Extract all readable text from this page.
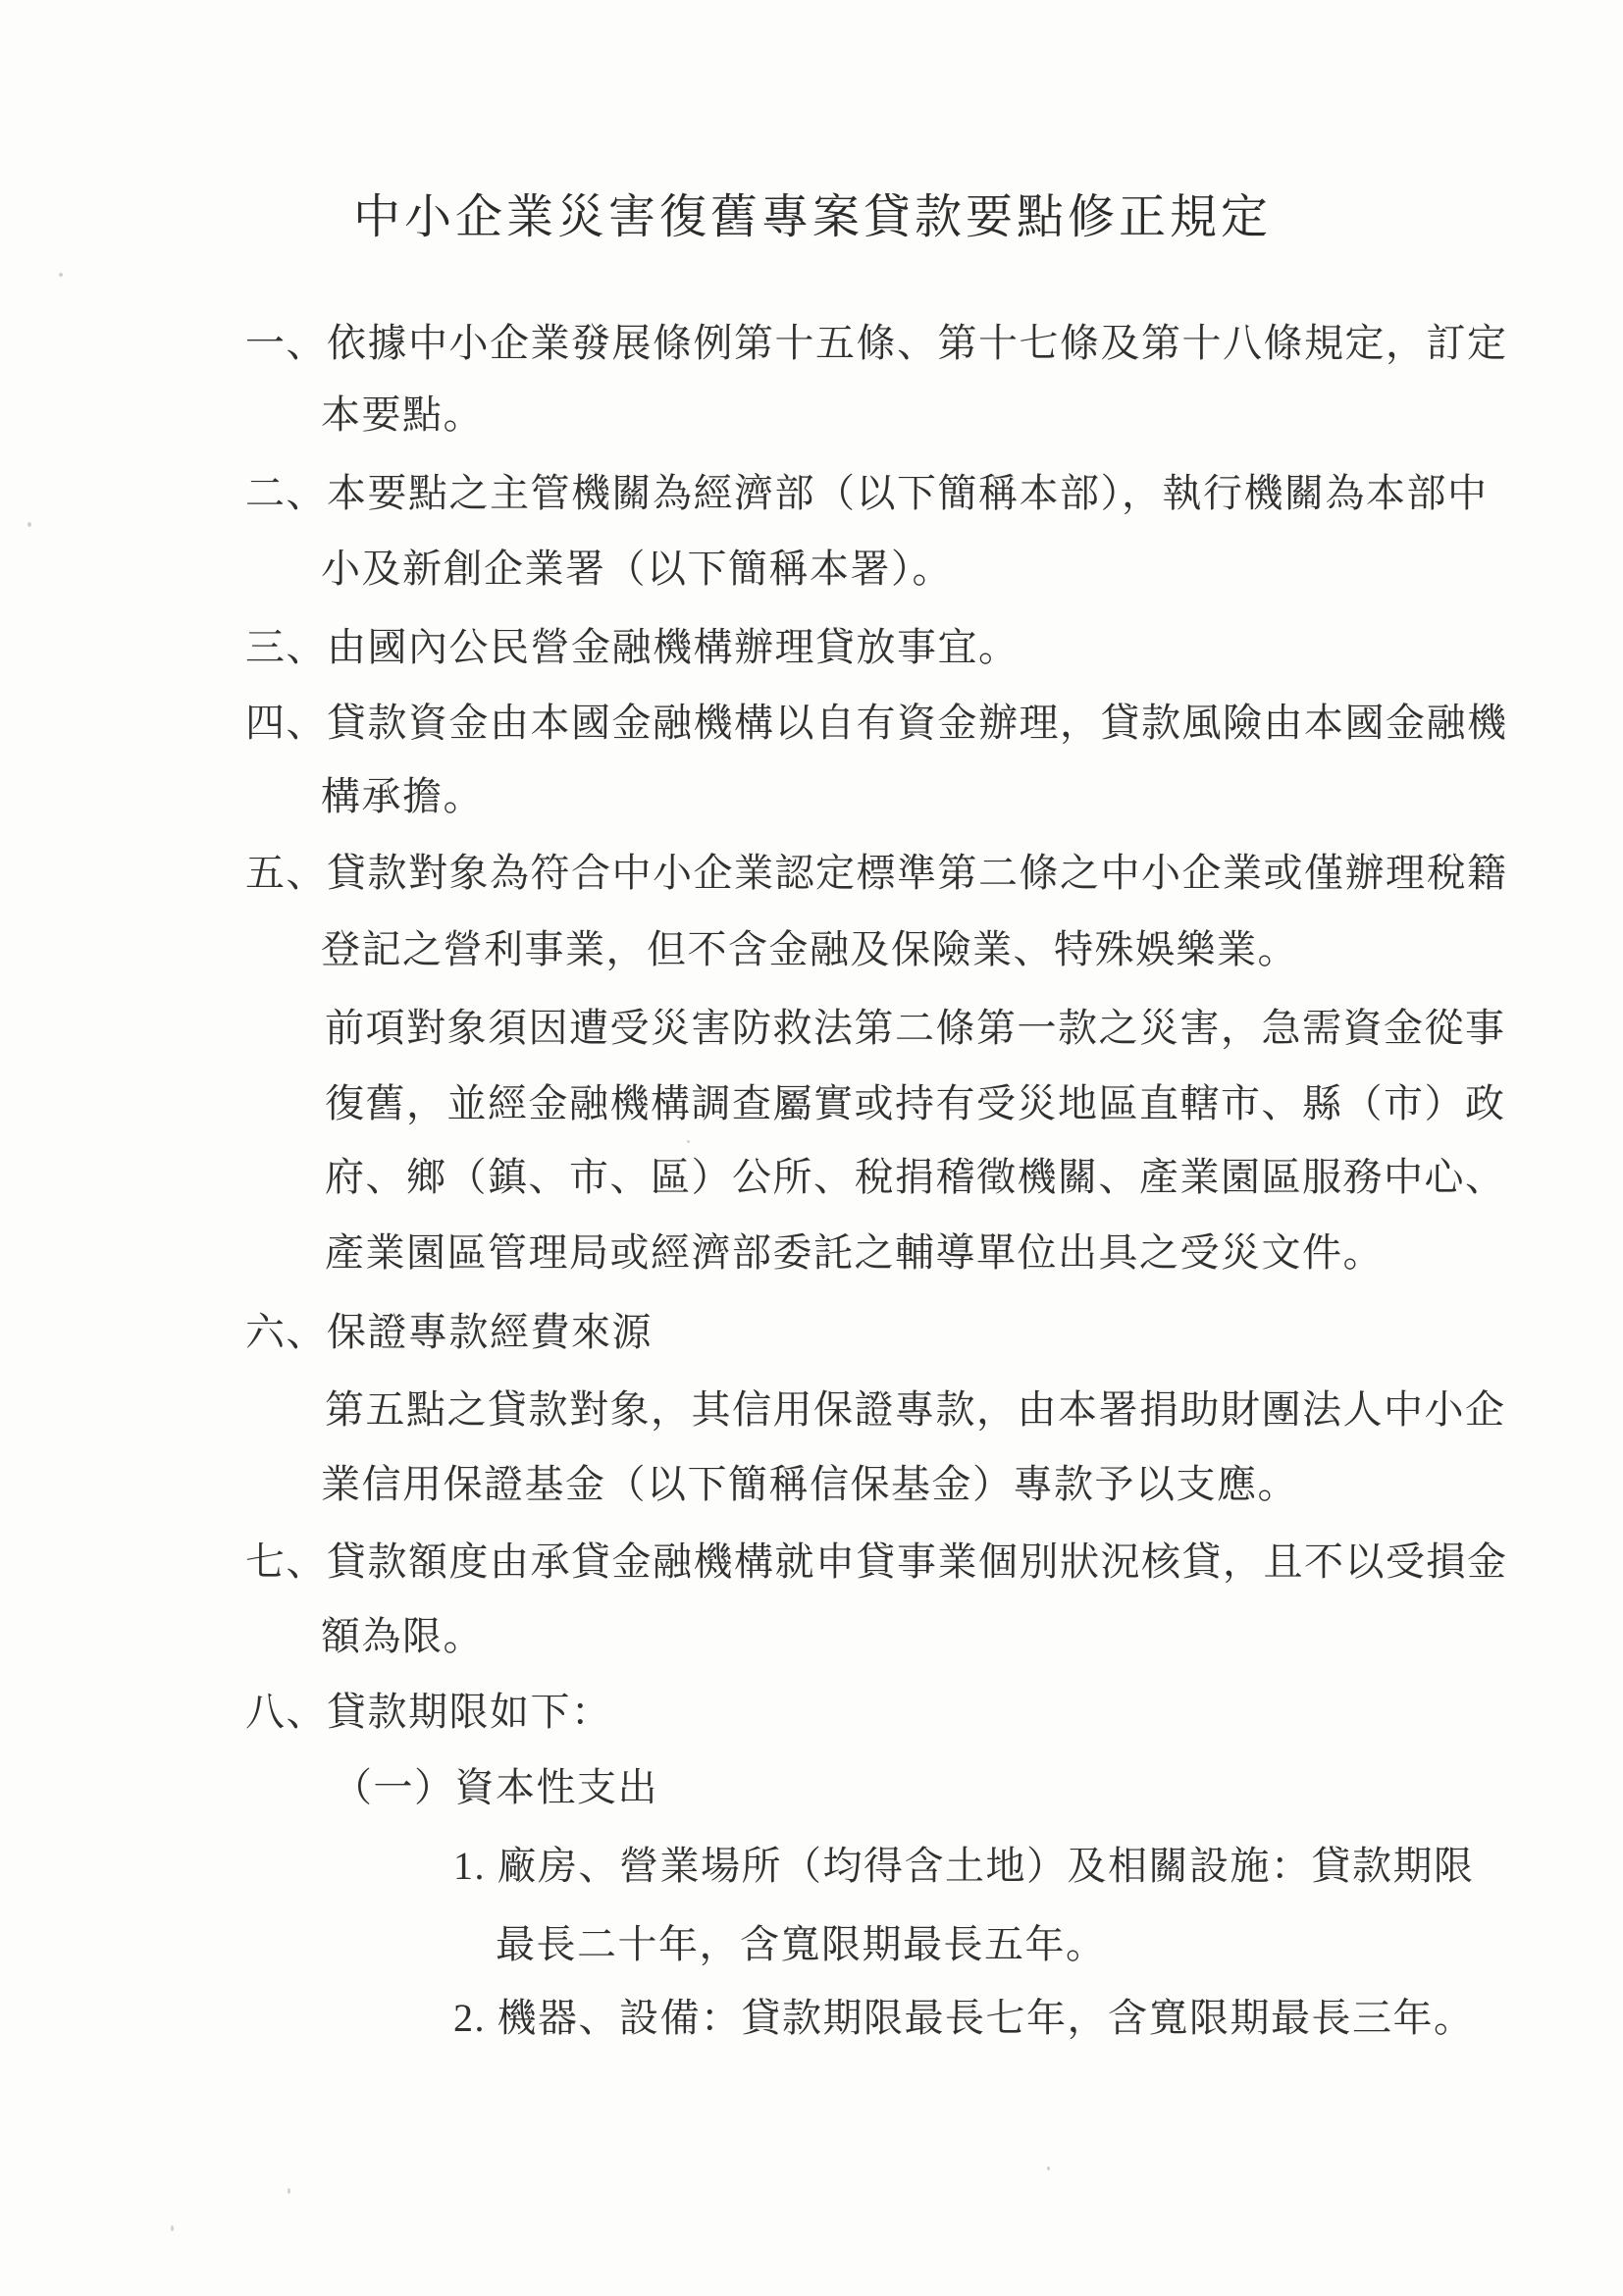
中小企業災害復舊專案貸款要點修正規定
一、依據中小企業發展條例第十五條、第十七條及第十八條規定，訂定
本要點。
二、本要點之主管機關為經濟部（以下簡稱本部），執行機關為本部中
小及新創企業署（以下簡稱本署）。
三、由國內公民營金融機構辦理貸放事宜。
四、貸款資金由本國金融機構以自有資金辦理，貸款風險由本國金融機
構承擔。
五、貸款對象為符合中小企業認定標準第二條之中小企業或僅辦理稅籍
登記之營利事業，但不含金融及保險業、特殊娛樂業。
前項對象須因遭受災害防救法第二條第一款之災害，急需資金從事
復舊，並經金融機構調查屬實或持有受災地區直轄市、縣（市）政
府、鄉（鎮、市、區）公所、稅捐稽徵機關、產業園區服務中心、
產業園區管理局或經濟部委託之輔導單位出具之受災文件。
六、保證專款經費來源
第五點之貸款對象，其信用保證專款，由本署捐助財團法人中小企
業信用保證基金（以下簡稱信保基金）專款予以支應。
七、貸款額度由承貸金融機構就申貸事業個別狀況核貸，且不以受損金
額為限。
八、貸款期限如下：
（一）資本性支出
1. 廠房、營業場所（均得含土地）及相關設施：貸款期限
最長二十年，含寬限期最長五年。
2. 機器、設備：貸款期限最長七年，含寬限期最長三年。
